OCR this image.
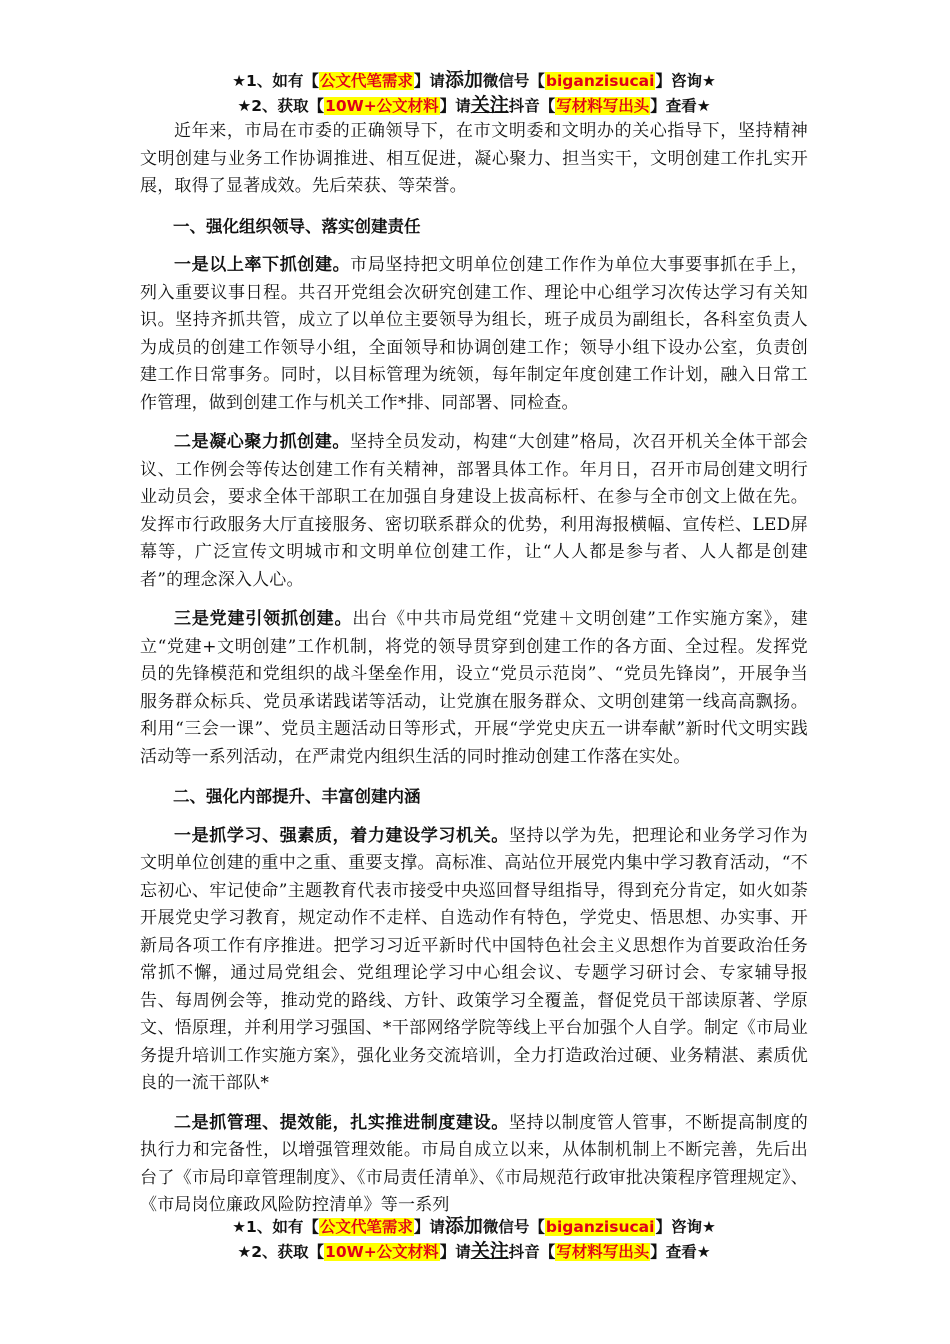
★1、如有【公文代笔需求】请添加微信号【biganzisucai】咨询★
★2、获取【10W+公文材料】请关注抖音【写材料写出头】查看★

近年来，市局在市委的正确领导下，在市文明委和文明办的关心指导下，坚持精神文明创建与业务工作协调推进、相互促进，凝心聚力、担当实干，文明创建工作扎实开展，取得了显著成效。先后荣获、等荣誉。

一、强化组织领导、落实创建责任

一是以上率下抓创建。市局坚持把文明单位创建工作作为单位大事要事抓在手上，列入重要议事日程。共召开党组会次研究创建工作、理论中心组学习次传达学习有关知识。坚持齐抓共管，成立了以单位主要领导为组长，班子成员为副组长，各科室负责人为成员的创建工作领导小组，全面领导和协调创建工作；领导小组下设办公室，负责创建工作日常事务。同时，以目标管理为统领，每年制定年度创建工作计划，融入日常工作管理，做到创建工作与机关工作*排、同部署、同检查。

二是凝心聚力抓创建。坚持全员发动，构建“大创建”格局，次召开机关全体干部会议、工作例会等传达创建工作有关精神，部署具体工作。年月日，召开市局创建文明行业动员会，要求全体干部职工在加强自身建设上拔高标杆、在参与全市创文上做在先。发挥市行政服务大厅直接服务、密切联系群众的优势，利用海报横幅、宣传栏、LED屏幕等，广泛宣传文明城市和文明单位创建工作，让“人人都是参与者、人人都是创建者”的理念深入人心。

三是党建引领抓创建。出台《中共市局党组“党建＋文明创建”工作实施方案》，建立“党建+文明创建”工作机制，将党的领导贯穿到创建工作的各方面、全过程。发挥党员的先锋模范和党组织的战斗堡垒作用，设立“党员示范岗”、“党员先锋岗”，开展争当服务群众标兵、党员承诺践诺等活动，让党旗在服务群众、文明创建第一线高高飘扬。利用“三会一课”、党员主题活动日等形式，开展“学党史庆五一讲奉献”新时代文明实践活动等一系列活动，在严肃党内组织生活的同时推动创建工作落在实处。

二、强化内部提升、丰富创建内涵

一是抓学习、强素质，着力建设学习机关。坚持以学为先，把理论和业务学习作为文明单位创建的重中之重、重要支撑。高标准、高站位开展党内集中学习教育活动，“不忘初心、牢记使命”主题教育代表市接受中央巡回督导组指导，得到充分肯定，如火如荼开展党史学习教育，规定动作不走样、自选动作有特色，学党史、悟思想、办实事、开新局各项工作有序推进。把学习习近平新时代中国特色社会主义思想作为首要政治任务常抓不懈，通过局党组会、党组理论学习中心组会议、专题学习研讨会、专家辅导报告、每周例会等，推动党的路线、方针、政策学习全覆盖，督促党员干部读原著、学原文、悟原理，并利用学习强国、*干部网络学院等线上平台加强个人自学。制定《市局业务提升培训工作实施方案》，强化业务交流培训，全力打造政治过硬、业务精湛、素质优良的一流干部队*

二是抓管理、提效能，扎实推进制度建设。坚持以制度管人管事，不断提高制度的执行力和完备性，以增强管理效能。市局自成立以来，从体制机制上不断完善，先后出台了《市局印章管理制度》、《市局责任清单》、《市局规范行政审批决策程序管理规定》、《市局岗位廉政风险防控清单》等一系列

★1、如有【公文代笔需求】请添加微信号【biganzisucai】咨询★
★2、获取【10W+公文材料】请关注抖音【写材料写出头】查看★
